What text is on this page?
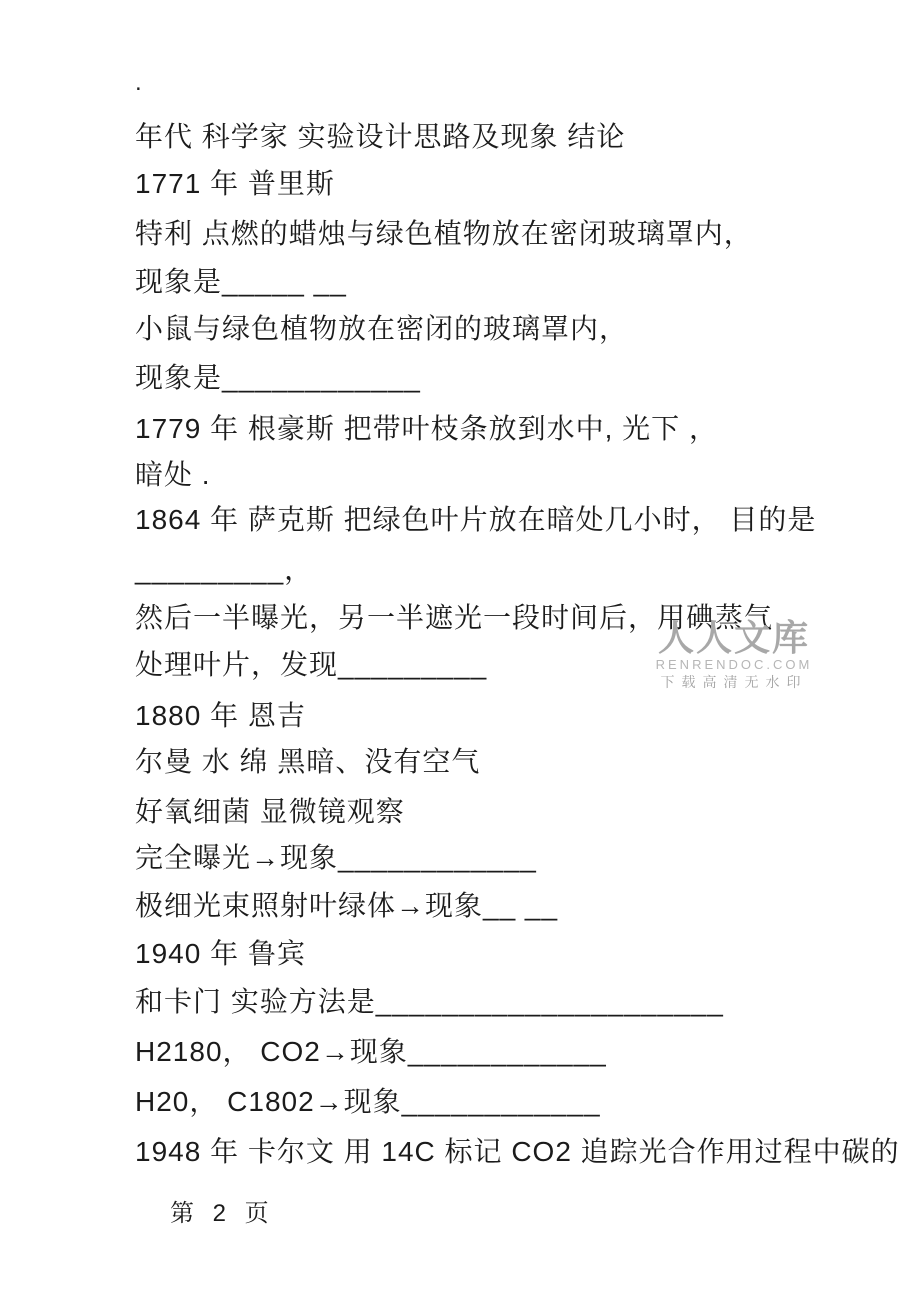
.
年代 科学家 实验设计思路及现象 结论
1771 年 普里斯
特利 点燃的蜡烛与绿色植物放在密闭玻璃罩内，
现象是_____ __
小鼠与绿色植物放在密闭的玻璃罩内，
现象是____________
1779 年 根豪斯 把带叶枝条放到水中, 光下 ，
暗处 .
1864 年 萨克斯 把绿色叶片放在暗处几小时， 目的是
_________，
然后一半曝光，另一半遮光一段时间后，用碘蒸气
处理叶片，发现_________
1880 年 恩吉
尔曼 水 绵 黑暗、没有空气
好氧细菌 显微镜观察
完全曝光→现象____________
极细光束照射叶绿体→现象__ __
1940 年 鲁宾
和卡门 实验方法是_____________________
H2180， CO2→现象____________
H20， C1802→现象____________
1948 年 卡尔文 用 14C 标记 CO2 追踪光合作用过程中碳的
第 2 页
人人文库
RENRENDOC.COM
下载高清无水印
